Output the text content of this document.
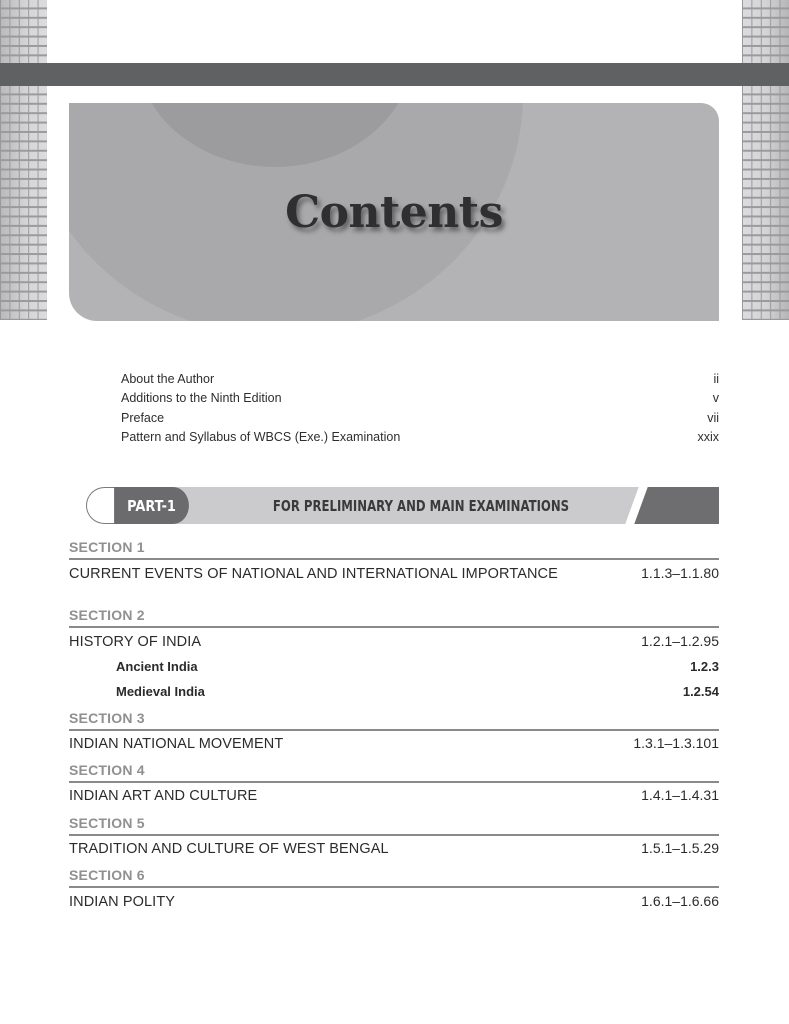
Contents
About the Author	ii
Additions to the Ninth Edition	v
Preface	vii
Pattern and Syllabus of WBCS (Exe.) Examination	xxix
PART-1	FOR PRELIMINARY AND MAIN EXAMINATIONS
SECTION 1
CURRENT EVENTS OF NATIONAL AND INTERNATIONAL IMPORTANCE	1.1.3–1.1.80
SECTION 2
HISTORY OF INDIA	1.2.1–1.2.95
Ancient India	1.2.3
Medieval India	1.2.54
SECTION 3
INDIAN NATIONAL MOVEMENT	1.3.1–1.3.101
SECTION 4
INDIAN ART AND CULTURE	1.4.1–1.4.31
SECTION 5
TRADITION AND CULTURE OF WEST BENGAL	1.5.1–1.5.29
SECTION 6
INDIAN POLITY	1.6.1–1.6.66
